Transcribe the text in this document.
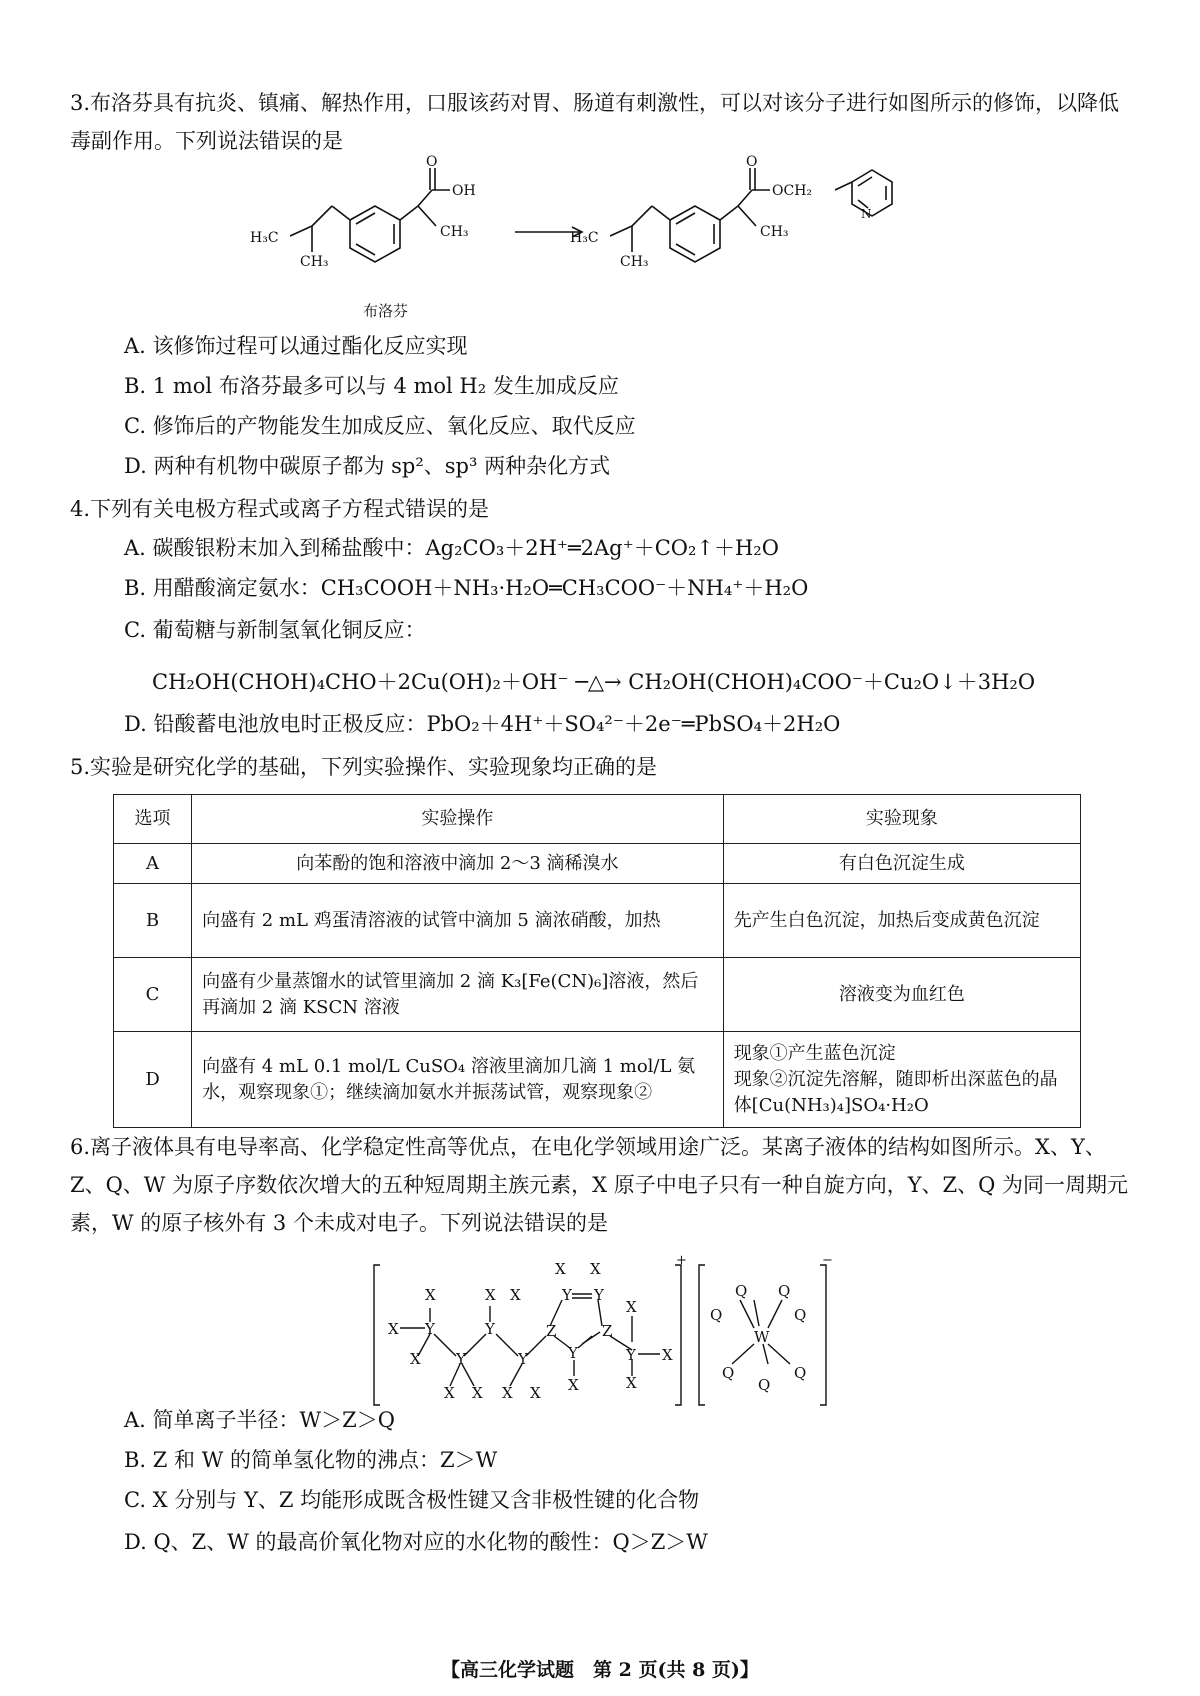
3.布洛芬具有抗炎、镇痛、解热作用，口服该药对胃、肠道有刺激性，可以对该分子进行如图所示的修饰，以降低毒副作用。下列说法错误的是
O
OH
H₃C	CH₃
CH₃
O
OCH₂
H₃C	CH₃
CH₃
N
布洛芬
A. 该修饰过程可以通过酯化反应实现
B. 1 mol 布洛芬最多可以与 4 mol H₂ 发生加成反应
C. 修饰后的产物能发生加成反应、氧化反应、取代反应
D. 两种有机物中碳原子都为 sp²、sp³ 两种杂化方式
4.下列有关电极方程式或离子方程式错误的是
A. 碳酸银粉末加入到稀盐酸中：Ag₂CO₃＋2H⁺═2Ag⁺＋CO₂↑＋H₂O
B. 用醋酸滴定氨水：CH₃COOH＋NH₃·H₂O═CH₃COO⁻＋NH₄⁺＋H₂O
C. 葡萄糖与新制氢氧化铜反应：
CH₂OH(CHOH)₄CHO＋2Cu(OH)₂＋OH⁻ ─△→ CH₂OH(CHOH)₄COO⁻＋Cu₂O↓＋3H₂O
D. 铅酸蓄电池放电时正极反应：PbO₂＋4H⁺＋SO₄²⁻＋2e⁻═PbSO₄＋2H₂O
5.实验是研究化学的基础，下列实验操作、实验现象均正确的是
选项	实验操作	实验现象
A	向苯酚的饱和溶液中滴加 2～3 滴稀溴水	有白色沉淀生成
B	向盛有 2 mL 鸡蛋清溶液的试管中滴加 5 滴浓硝酸，加热	先产生白色沉淀，加热后变成黄色沉淀
C	向盛有少量蒸馏水的试管里滴加 2 滴 K₃[Fe(CN)₆]溶液，然后再滴加 2 滴 KSCN 溶液	溶液变为血红色
D	向盛有 4 mL 0.1 mol/L CuSO₄ 溶液里滴加几滴 1 mol/L 氨水，观察现象①；继续滴加氨水并振荡试管，观察现象②	现象①产生蓝色沉淀
现象②沉淀先溶解，随即析出深蓝色的晶体[Cu(NH₃)₄]SO₄·H₂O
6.离子液体具有电导率高、化学稳定性高等优点，在电化学领域用途广泛。某离子液体的结构如图所示。X、Y、Z、Q、W 为原子序数依次增大的五种短周期主族元素，X 原子中电子只有一种自旋方向，Y、Z、Q 为同一周期元素，W 的原子核外有 3 个未成对电子。下列说法错误的是
X
X
Y
X Y
X X
Y
Y
X X X X
Z
Y
X
X X
Y Y
Z
Y
X
X
X
+	−
Q Q
Q	Q
W
Q	Q
Q
A. 简单离子半径：W＞Z＞Q
B. Z 和 W 的简单氢化物的沸点：Z＞W
C. X 分别与 Y、Z 均能形成既含极性键又含非极性键的化合物
D. Q、Z、W 的最高价氧化物对应的水化物的酸性：Q＞Z＞W
【高三化学试题　第 2 页(共 8 页)】
